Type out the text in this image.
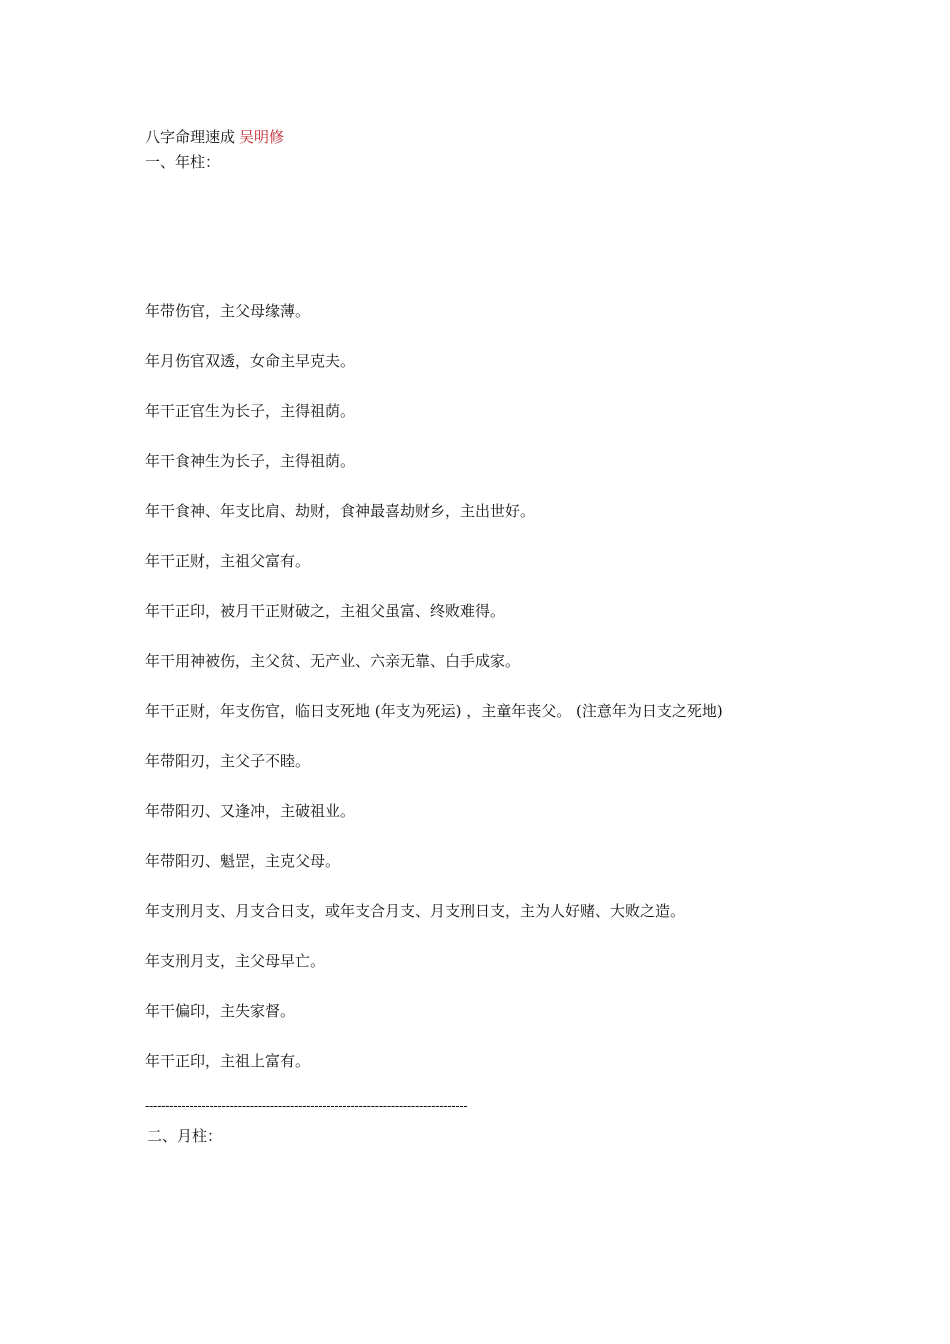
八字命理速成 吴明修
一、年柱：
年带伤官，主父母缘薄。
年月伤官双透，女命主早克夫。
年干正官生为长子，主得祖荫。
年干食神生为长子，主得祖荫。
年干食神、年支比肩、劫财，食神最喜劫财乡，主出世好。
年干正财，主祖父富有。
年干正印，被月干正财破之，主祖父虽富、终败难得。
年干用神被伤，主父贫、无产业、六亲无靠、白手成家。
年干正财，年支伤官，临日支死地 (年支为死运) ，主童年丧父。 (注意年为日支之死地)
年带阳刃，主父子不睦。
年带阳刃、又逢冲，主破祖业。
年带阳刃、魁罡，主克父母。
年支刑月支、月支合日支，或年支合月支、月支刑日支，主为人好赌、大败之造。
年支刑月支，主父母早亡。
年干偏印，主失家督。
年干正印，主祖上富有。
--------------------------------------------------------------------------------
二、月柱：
